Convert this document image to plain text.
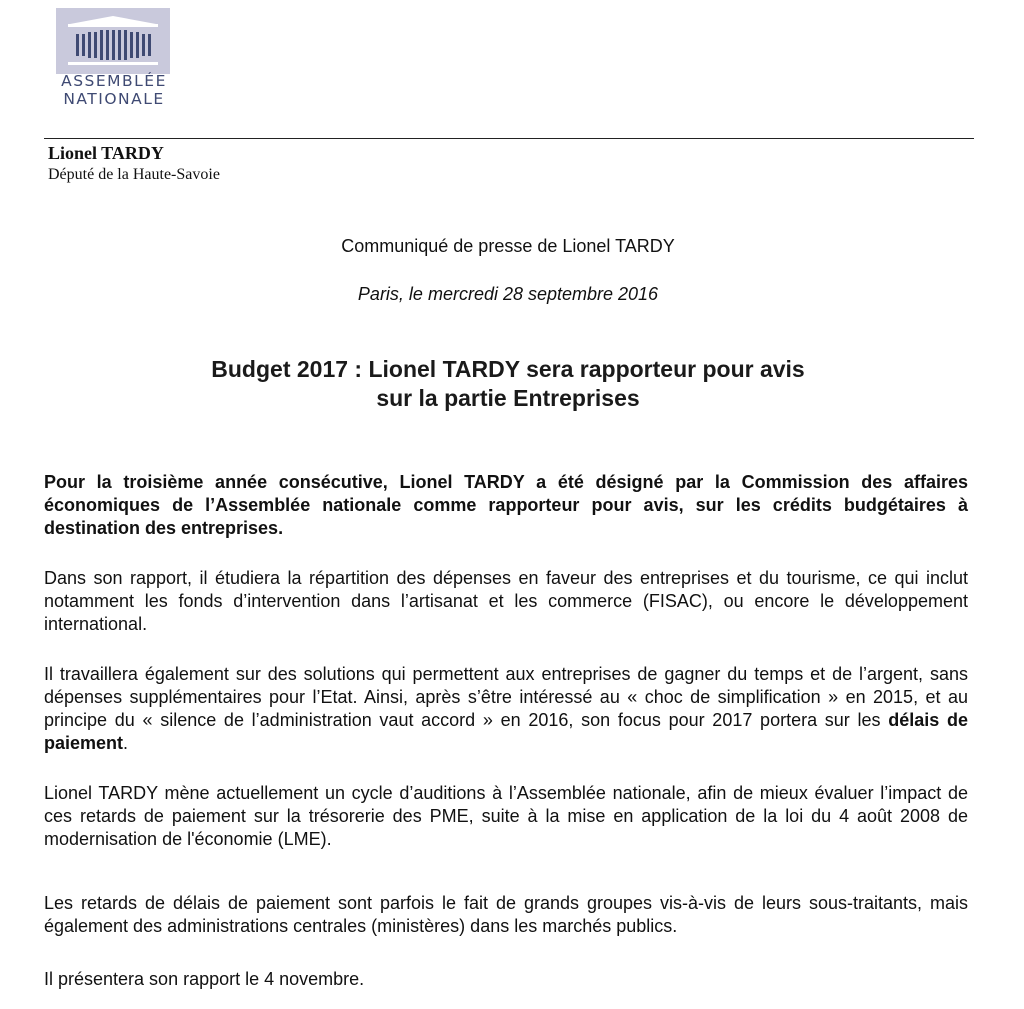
ASSEMBLÉE
NATIONALE
Lionel TARDY
Député de la Haute-Savoie
Communiqué de presse de Lionel TARDY
Paris, le mercredi 28 septembre 2016
Budget 2017 : Lionel TARDY sera rapporteur pour avis
sur la partie Entreprises
Pour la troisième année consécutive, Lionel TARDY a été désigné par la Commission des affaires économiques de l’Assemblée nationale comme rapporteur pour avis, sur les crédits budgétaires à destination des entreprises.
Dans son rapport, il étudiera la répartition des dépenses en faveur des entreprises et du tourisme, ce qui inclut notamment les fonds d’intervention dans l’artisanat et les commerce (FISAC), ou encore le développement international.
Il travaillera également sur des solutions qui permettent aux entreprises de gagner du temps et de l’argent, sans dépenses supplémentaires pour l’Etat. Ainsi, après s’être intéressé au « choc de simplification » en 2015, et au principe du « silence de l’administration vaut accord » en 2016, son focus pour 2017 portera sur les délais de paiement.
Lionel TARDY mène actuellement un cycle d’auditions à l’Assemblée nationale, afin de mieux évaluer l’impact de ces retards de paiement sur la trésorerie des PME, suite à la mise en application de la loi du 4 août 2008 de modernisation de l'économie (LME).
Les retards de délais de paiement sont parfois le fait de grands groupes vis-à-vis de leurs sous-traitants, mais également des administrations centrales (ministères) dans les marchés publics.
Il présentera son rapport le 4 novembre.
